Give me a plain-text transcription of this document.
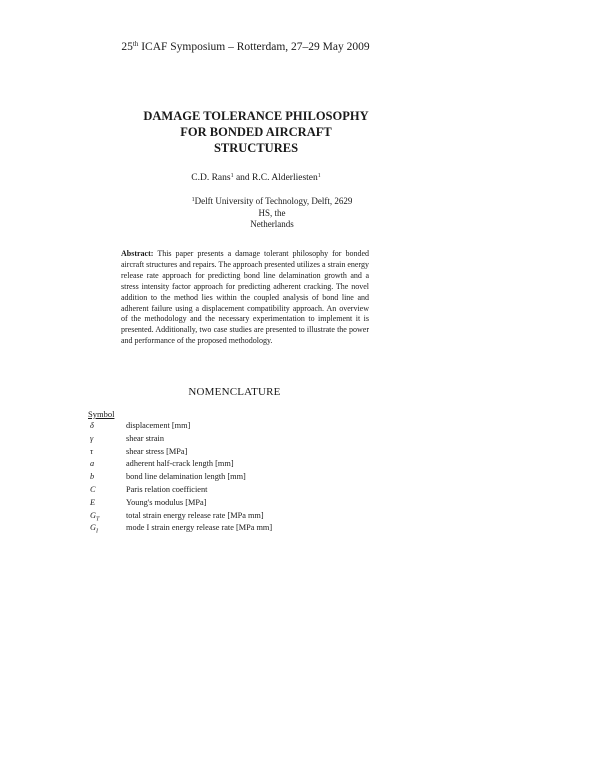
25th ICAF Symposium – Rotterdam, 27–29 May 2009
DAMAGE TOLERANCE PHILOSOPHY
FOR BONDED AIRCRAFT
STRUCTURES
C.D. Rans$^1$ and R.C. Alderliesten$^1$
$^1$Delft University of Technology, Delft, 2629 HS, the
Netherlands
Abstract: This paper presents a damage tolerant philosophy for bonded aircraft structures and repairs. The approach presented utilizes a strain energy release rate approach for predicting bond line delamination growth and a stress intensity factor approach for predicting adherent cracking. The novel addition to the method lies within the coupled analysis of bond line and adherent failure using a displacement compatibility approach. An overview of the methodology and the necessary experimentation to implement it is presented. Additionally, two case studies are presented to illustrate the power and performance of the proposed methodology.
NOMENCLATURE
Symbol
δ	displacement [mm]
γ	shear strain
τ	shear stress [MPa]
a	adherent half-crack length [mm]
b	bond line delamination length [mm]
C	Paris relation coefficient
E	Young's modulus [MPa]
$G_T$	total strain energy release rate [MPa mm]
$G_I$	mode I strain energy release rate [MPa mm]
